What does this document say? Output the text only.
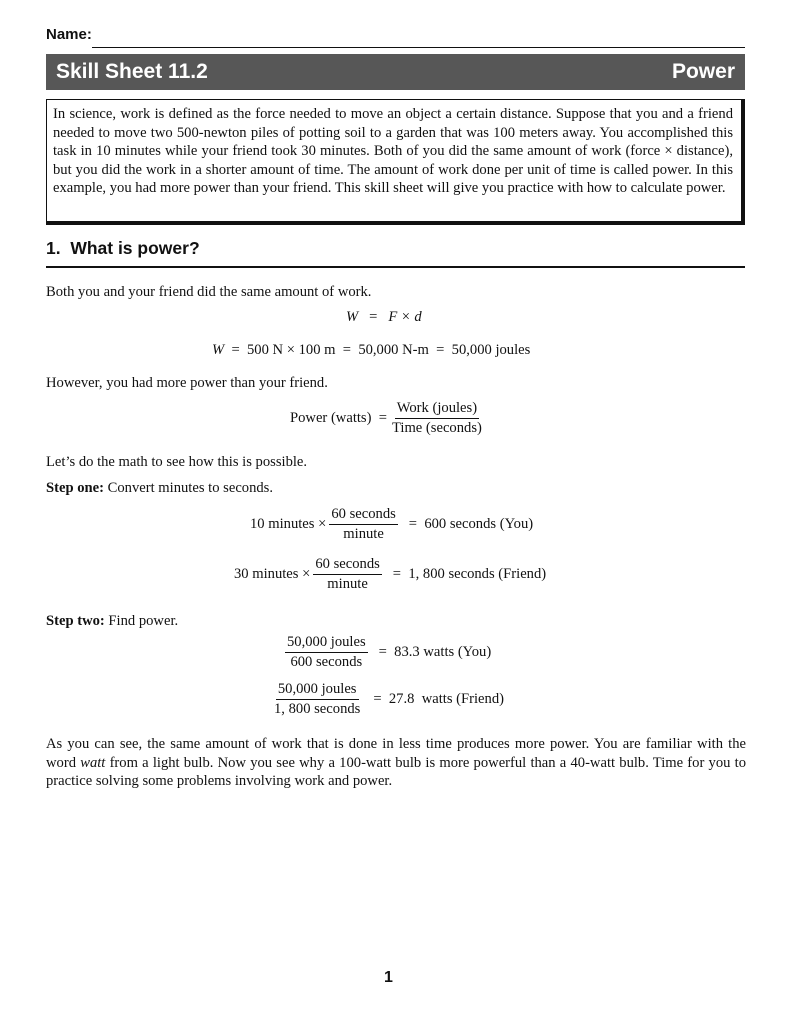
Name:
Skill Sheet 11.2	Power
In science, work is defined as the force needed to move an object a certain distance. Suppose that you and a friend needed to move two 500-newton piles of potting soil to a garden that was 100 meters away. You accomplished this task in 10 minutes while your friend took 30 minutes. Both of you did the same amount of work (force × distance), but you did the work in a shorter amount of time. The amount of work done per unit of time is called power. In this example, you had more power than your friend. This skill sheet will give you practice with how to calculate power.
1.  What is power?
Both you and your friend did the same amount of work.
W = F × d
W =  500 N × 100 m  =  50,000 N-m  =  50,000 joules
However, you had more power than your friend.
Power (watts)  = $\frac{\text{Work (joules)}}{\text{Time (seconds)}}$
Let’s do the math to see how this is possible.
Step one: Convert minutes to seconds.
10 minutes × $\frac{\text{60 seconds}}{\text{minute}} = 600$ seconds (You)
30 minutes × $\frac{\text{60 seconds}}{\text{minute}} = 1$, 800 seconds (Friend)
Step two: Find power.
$\frac{\text{50,000 joules}}{\text{600 seconds}} = 83.3$ watts (You)
$\frac{\text{50,000 joules}}{\text{1, 800 seconds}} = 27.8$  watts (Friend)
As you can see, the same amount of work that is done in less time produces more power. You are familiar with the word watt from a light bulb. Now you see why a 100-watt bulb is more powerful than a 40-watt bulb. Time for you to practice solving some problems involving work and power.
1
